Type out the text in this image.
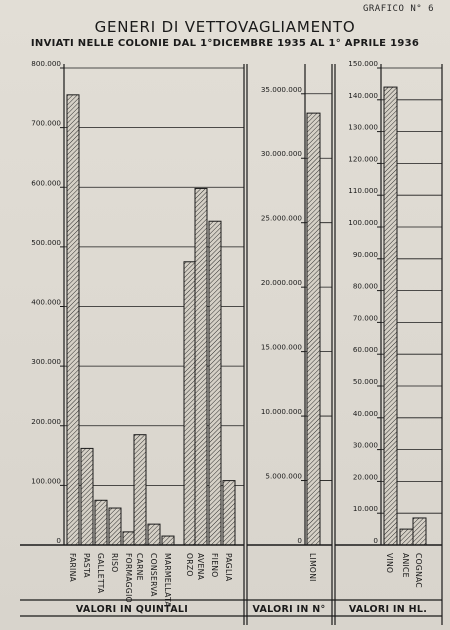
GRAFICO N° 6
GENERI DI VETTOVAGLIAMENTO
INVIATI NELLE COLONIE DAL 1°DICEMBRE 1935 AL 1° APRILE 1936
0
100.000
200.000
300.000
400.000
500.000
600.000
700.000
800.000
FARINA PASTA GALLETTA RISO FORMAGGIO CARNE CONSERVA MARMELLATA ORZO AVENA FIENO PAGLIA
0
5.000.000
10.000.000
15.000.000
20.000.000
25.000.000
30.000.000
35.000.000
LIMONI
0
10.000
20.000
30.000
40.000
50.000
60.000
70.000
80.000
90.000
100.000
110.000
120.000
130.000
140.000
150.000
VINO ANICE COGNAC
VALORI IN QUINTALI	VALORI IN N°	VALORI IN HL.
